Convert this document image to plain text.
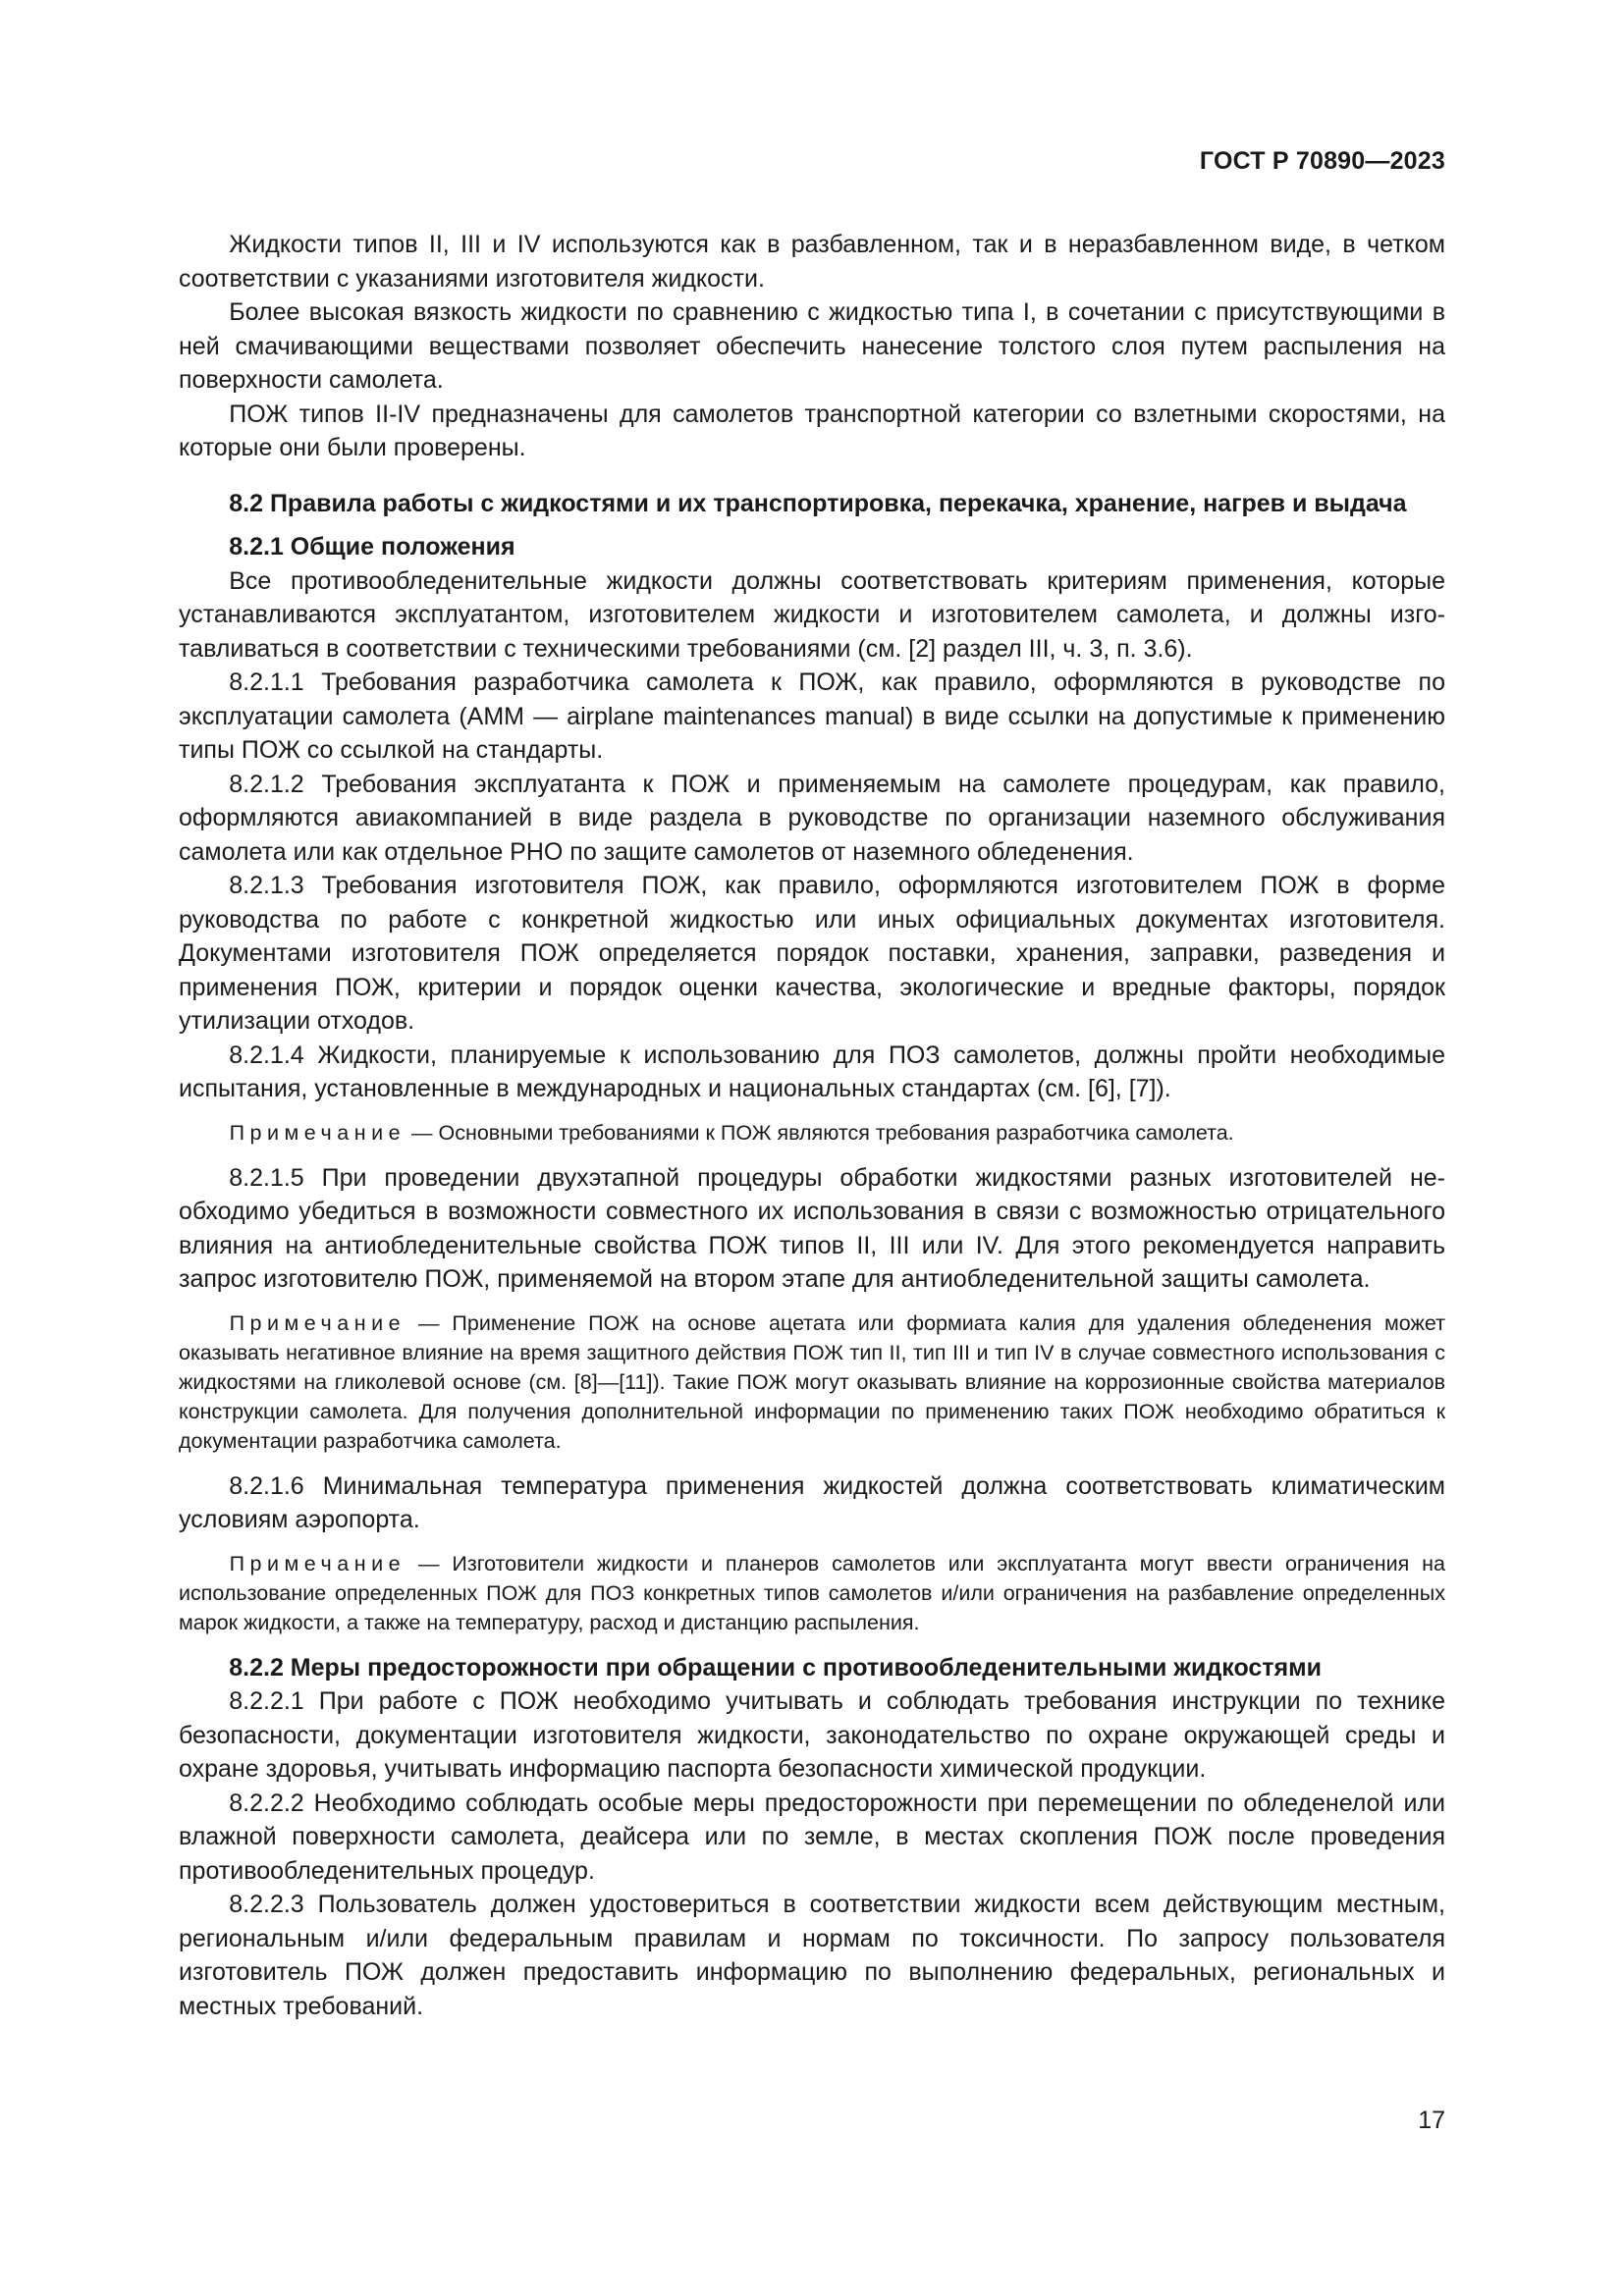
ГОСТ Р 70890—2023

Жидкости типов II, III и IV используются как в разбавленном, так и в неразбавленном виде, в четком соответствии с указаниями изготовителя жидкости.

Более высокая вязкость жидкости по сравнению с жидкостью типа I, в сочетании с присутствующими в ней смачивающими веществами позволяет обеспечить нанесение толстого слоя путем распыления на поверхности самолета.

ПОЖ типов II-IV предназначены для самолетов транспортной категории со взлетными скоростями, на которые они были проверены.

8.2 Правила работы с жидкостями и их транспортировка, перекачка, хранение, нагрев и выдача
8.2.1 Общие положения

Все противообледенительные жидкости должны соответствовать критериям применения, которые устанавливаются эксплуатантом, изготовителем жидкости и изготовителем самолета, и должны изготавливаться в соответствии с техническими требованиями (см. [2] раздел III, ч. 3, п. 3.6).

8.2.1.1 Требования разработчика самолета к ПОЖ, как правило, оформляются в руководстве по эксплуатации самолета (AMM — airplane maintenances manual) в виде ссылки на допустимые к применению типы ПОЖ со ссылкой на стандарты.

8.2.1.2 Требования эксплуатанта к ПОЖ и применяемым на самолете процедурам, как правило, оформляются авиакомпанией в виде раздела в руководстве по организации наземного обслуживания самолета или как отдельное РНО по защите самолетов от наземного обледенения.

8.2.1.3 Требования изготовителя ПОЖ, как правило, оформляются изготовителем ПОЖ в форме руководства по работе с конкретной жидкостью или иных официальных документах изготовителя. Документами изготовителя ПОЖ определяется порядок поставки, хранения, заправки, разведения и применения ПОЖ, критерии и порядок оценки качества, экологические и вредные факторы, порядок утилизации отходов.

8.2.1.4 Жидкости, планируемые к использованию для ПОЗ самолетов, должны пройти необходимые испытания, установленные в международных и национальных стандартах (см. [6], [7]).

Примечание — Основными требованиями к ПОЖ являются требования разработчика самолета.

8.2.1.5 При проведении двухэтапной процедуры обработки жидкостями разных изготовителей необходимо убедиться в возможности совместного их использования в связи с возможностью отрицательного влияния на антиобледенительные свойства ПОЖ типов II, III или IV. Для этого рекомендуется направить запрос изготовителю ПОЖ, применяемой на втором этапе для антиобледенительной защиты самолета.

Примечание — Применение ПОЖ на основе ацетата или формиата калия для удаления обледенения может оказывать негативное влияние на время защитного действия ПОЖ тип II, тип III и тип IV в случае совместного использования с жидкостями на гликолевой основе (см. [8]—[11]). Такие ПОЖ могут оказывать влияние на коррозионные свойства материалов конструкции самолета. Для получения дополнительной информации по применению таких ПОЖ необходимо обратиться к документации разработчика самолета.

8.2.1.6 Минимальная температура применения жидкостей должна соответствовать климатическим условиям аэропорта.

Примечание — Изготовители жидкости и планеров самолетов или эксплуатанта могут ввести ограничения на использование определенных ПОЖ для ПОЗ конкретных типов самолетов и/или ограничения на разбавление определенных марок жидкости, а также на температуру, расход и дистанцию распыления.

8.2.2 Меры предосторожности при обращении с противообледенительными жидкостями

8.2.2.1 При работе с ПОЖ необходимо учитывать и соблюдать требования инструкции по технике безопасности, документации изготовителя жидкости, законодательство по охране окружающей среды и охране здоровья, учитывать информацию паспорта безопасности химической продукции.

8.2.2.2 Необходимо соблюдать особые меры предосторожности при перемещении по обледенелой или влажной поверхности самолета, деайсера или по земле, в местах скопления ПОЖ после проведения противообледенительных процедур.

8.2.2.3 Пользователь должен удостовериться в соответствии жидкости всем действующим местным, региональным и/или федеральным правилам и нормам по токсичности. По запросу пользователя изготовитель ПОЖ должен предоставить информацию по выполнению федеральных, региональных и местных требований.

17
